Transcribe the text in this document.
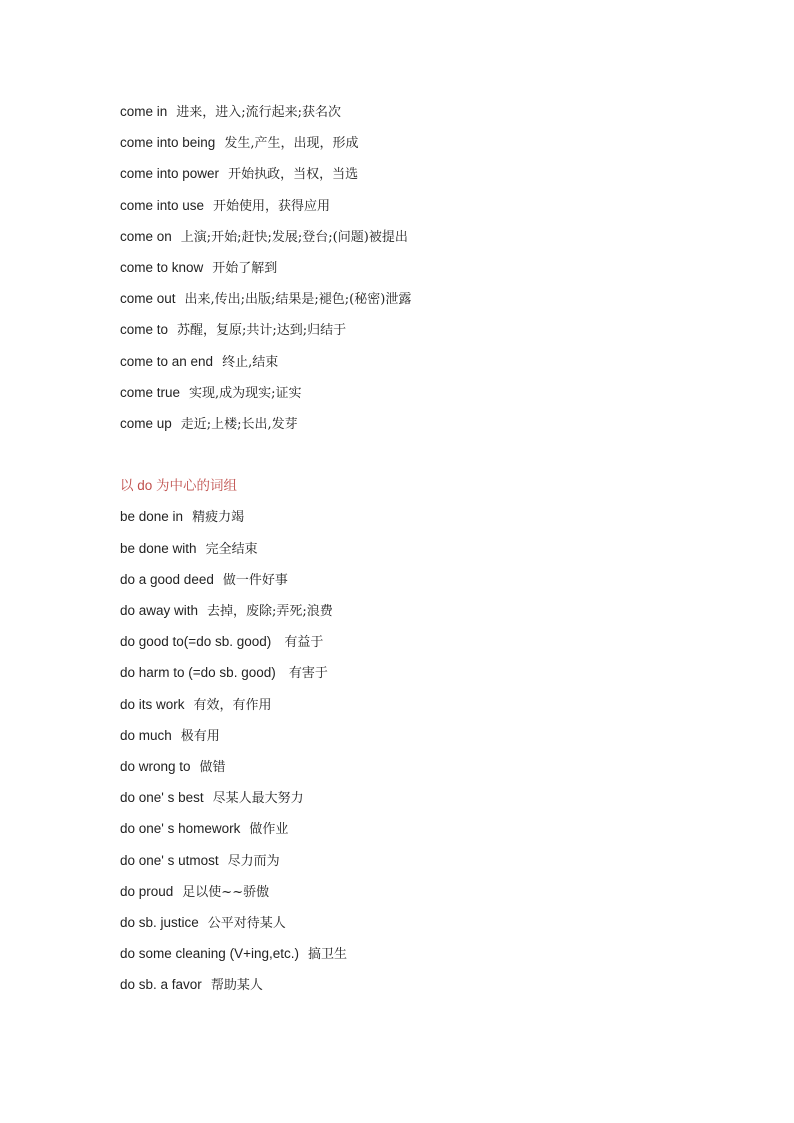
come in 进来，进入;流行起来;获名次
come into being 发生,产生，出现，形成
come into power 开始执政，当权，当选
come into use 开始使用，获得应用
come on 上演;开始;赶快;发展;登台;(问题)被提出
come to know 开始了解到
come out 出来,传出;出版;结果是;褪色;(秘密)泄露
come to 苏醒，复原;共计;达到;归结于
come to an end 终止,结束
come true 实现,成为现实;证实
come up 走近;上楼;长出,发芽
以 do 为中心的词组
be done in 精疲力竭
be done with 完全结束
do a good deed 做一件好事
do away with 去掉，废除;弄死;浪费
do good to(=do sb. good) 有益于
do harm to (=do sb. good) 有害于
do its work 有效，有作用
do much 极有用
do wrong to 做错
do one' s best 尽某人最大努力
do one' s homework 做作业
do one' s utmost 尽力而为
do proud 足以使~~骄傲
do sb. justice 公平对待某人
do some cleaning (V+ing,etc.) 搞卫生
do sb. a favor 帮助某人
